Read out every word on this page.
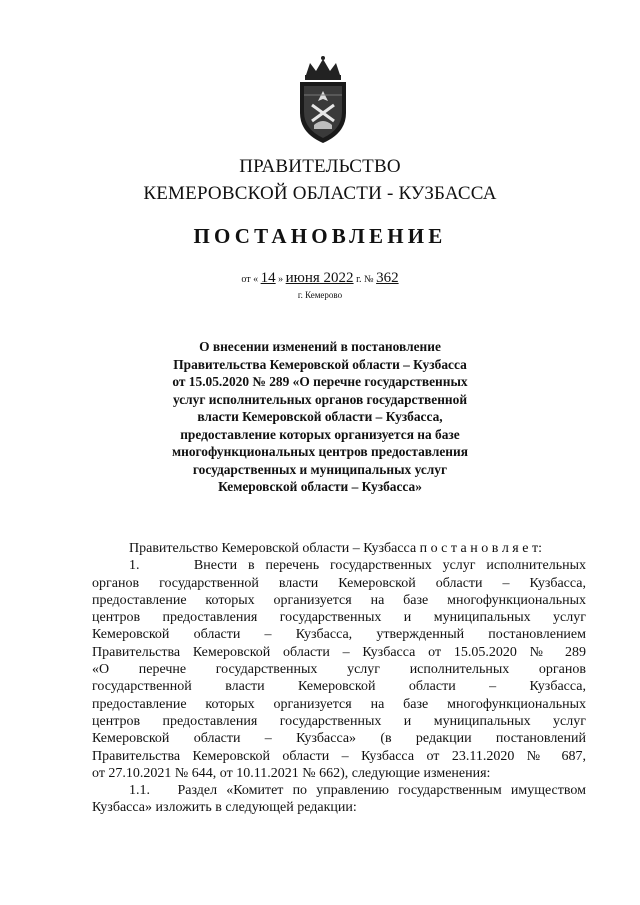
ПРАВИТЕЛЬСТВО
КЕМЕРОВСКОЙ ОБЛАСТИ - КУЗБАССА
ПОСТАНОВЛЕНИЕ
от « 14 » июня 2022 г. № 362
г. Кемерово
О внесении изменений в постановление
Правительства Кемеровской области – Кузбасса
от 15.05.2020 № 289 «О перечне государственных
услуг исполнительных органов государственной
власти Кемеровской области – Кузбасса,
предоставление которых организуется на базе
многофункциональных центров предоставления
государственных и муниципальных услуг
Кемеровской области – Кузбасса»
Правительство Кемеровской области – Кузбасса п о с т а н о в л я е т:
1.     Внести в перечень государственных услуг исполнительных
органов государственной власти Кемеровской области – Кузбасса,
предоставление которых организуется на базе многофункциональных
центров предоставления государственных и муниципальных услуг
Кемеровской области – Кузбасса, утвержденный постановлением
Правительства Кемеровской области – Кузбасса от 15.05.2020 № 289
«О перечне государственных услуг исполнительных органов
государственной власти Кемеровской области – Кузбасса,
предоставление которых организуется на базе многофункциональных
центров предоставления государственных и муниципальных услуг
Кемеровской области – Кузбасса» (в редакции постановлений
Правительства Кемеровской области – Кузбасса от 23.11.2020 № 687,
от 27.10.2021 № 644, от 10.11.2021 № 662), следующие изменения:
1.1.   Раздел «Комитет по управлению государственным имуществом
Кузбасса» изложить в следующей редакции:
